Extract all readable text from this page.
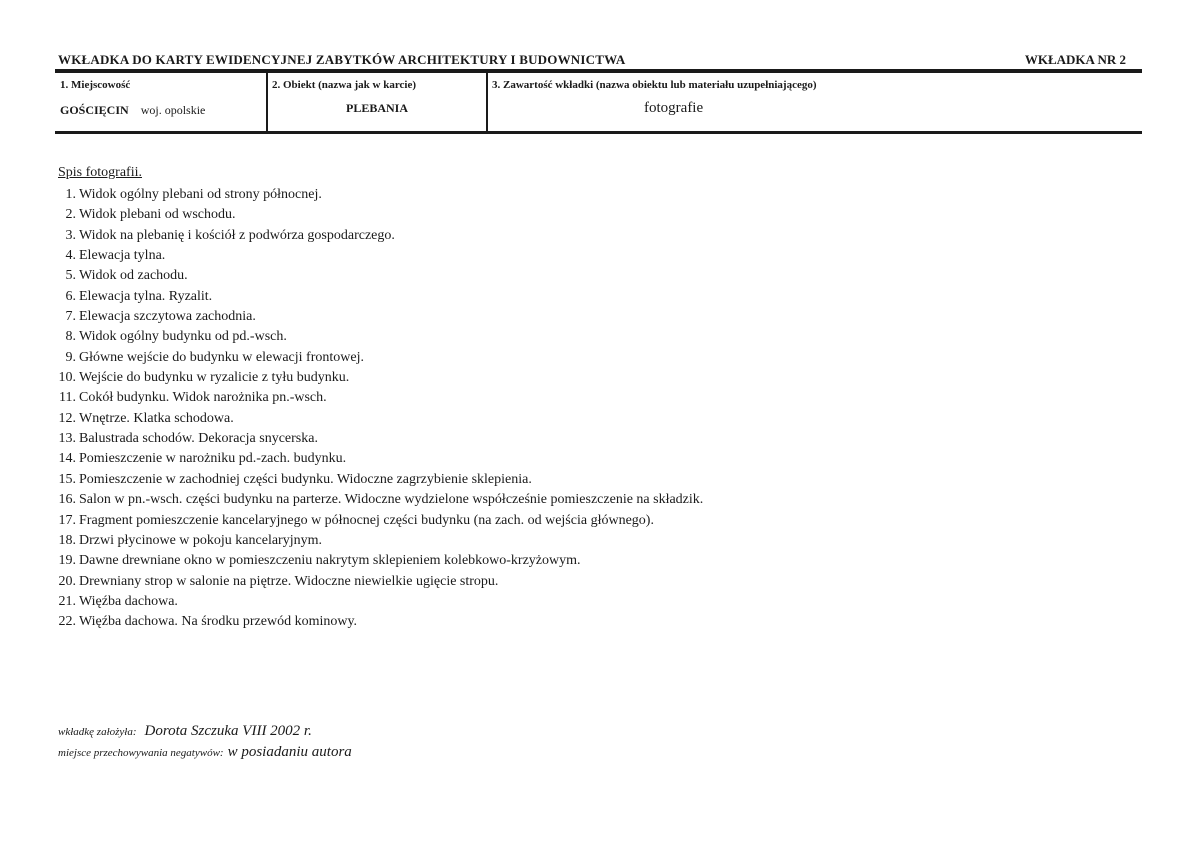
WKŁADKA DO KARTY EWIDENCYJNEJ ZABYTKÓW ARCHITEKTURY I BUDOWNICTWA	WKŁADKA NR 2
1. Miejscowość
GOŚCIĘCIN woj. opolskie
2. Obiekt (nazwa jak w karcie)
PLEBANIA
3. Zawartość wkładki (nazwa obiektu lub materiału uzupełniającego)
fotografie
Spis fotografii.
1. Widok ogólny plebani od strony północnej.
2. Widok plebani od wschodu.
3. Widok na plebanię i kościół z podwórza gospodarczego.
4. Elewacja tylna.
5. Widok od zachodu.
6. Elewacja tylna. Ryzalit.
7. Elewacja szczytowa zachodnia.
8. Widok ogólny budynku od pd.-wsch.
9. Główne wejście do budynku w elewacji frontowej.
10. Wejście do budynku w ryzalicie z tyłu budynku.
11. Cokół budynku. Widok narożnika pn.-wsch.
12. Wnętrze. Klatka schodowa.
13. Balustrada schodów. Dekoracja snycerska.
14. Pomieszczenie w narożniku pd.-zach. budynku.
15. Pomieszczenie w zachodniej części budynku. Widoczne zagrzybienie sklepienia.
16. Salon w pn.-wsch. części budynku na parterze. Widoczne wydzielone współcześnie pomieszczenie na składzik.
17. Fragment pomieszczenie kancelaryjnego w północnej części budynku (na zach. od wejścia głównego).
18. Drzwi płycinowe w pokoju kancelaryjnym.
19. Dawne drewniane okno w pomieszczeniu nakrytym sklepieniem kolebkowo-krzyżowym.
20. Drewniany strop w salonie na piętrze. Widoczne niewielkie ugięcie stropu.
21. Więźba dachowa.
22. Więźba dachowa. Na środku przewód kominowy.
wkładkę założyła: Dorota Szczuka VIII 2002 r.
miejsce przechowywania negatywów: w posiadaniu autora
